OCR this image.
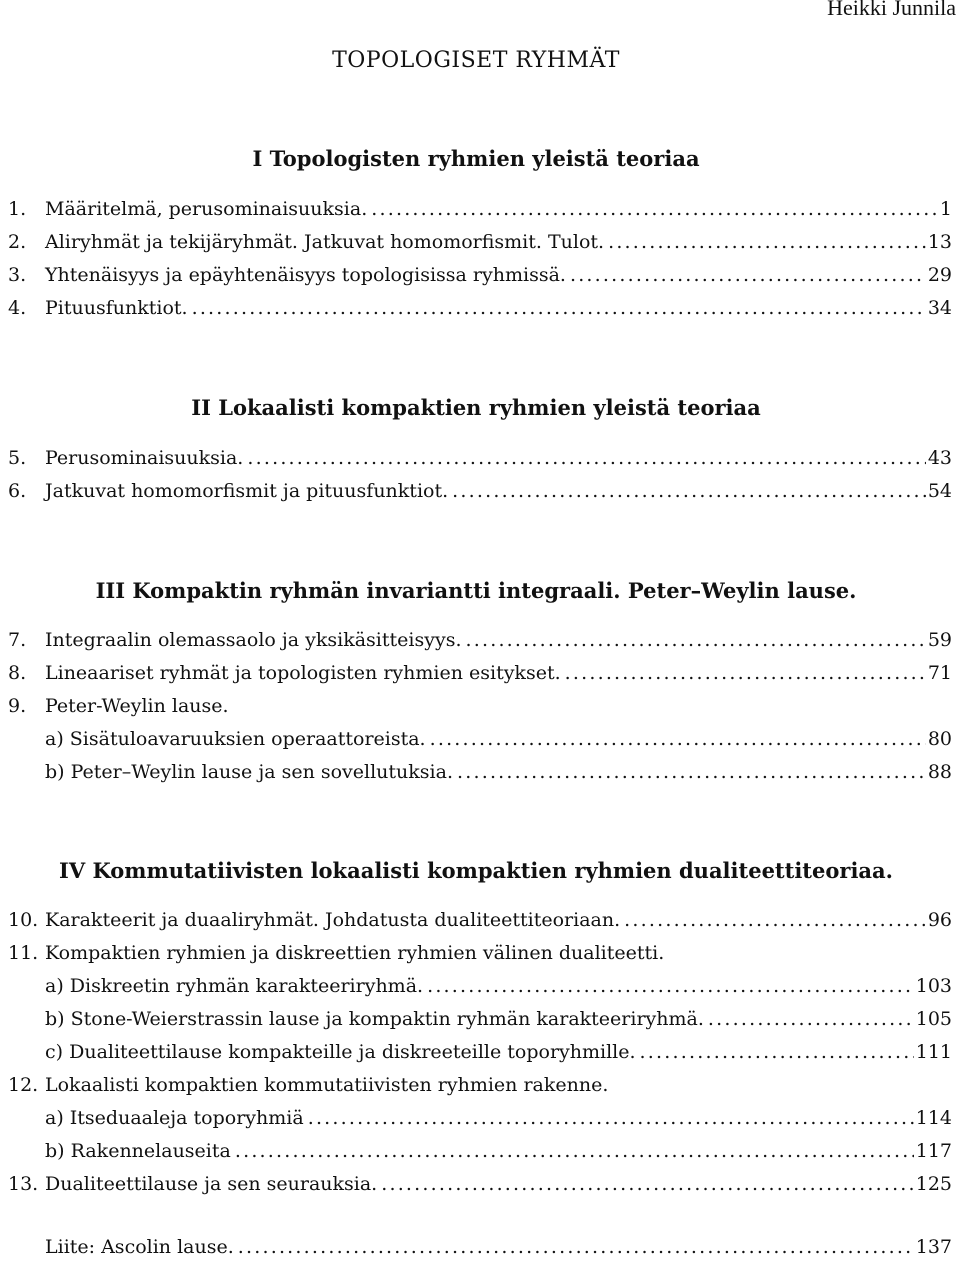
Heikki Junnila
TOPOLOGISET RYHMÄT
I Topologisten ryhmien yleistä teoriaa
1. Määritelmä, perusominaisuuksia. .....	1
2. Aliryhmät ja tekijäryhmät. Jatkuvat homomorfismit. Tulot. .....	13
3. Yhtenäisyys ja epäyhtenäisyys topologisissa ryhmissä. .....	29
4. Pituusfunktiot. .....	34
II Lokaalisti kompaktien ryhmien yleistä teoriaa
5. Perusominaisuuksia. .....	43
6. Jatkuvat homomorfismit ja pituusfunktiot. .....	54
III Kompaktin ryhmän invariantti integraali. Peter–Weylin lause.
7. Integraalin olemassaolo ja yksikäsitteisyys. .....	59
8. Lineaariset ryhmät ja topologisten ryhmien esitykset. .....	71
9. Peter-Weylin lause.
a) Sisätuloavaruuksien operaattoreista. .....	80
b) Peter–Weylin lause ja sen sovellutuksia. .....	88
IV Kommutatiivisten lokaalisti kompaktien ryhmien dualiteettiteoriaa.
10. Karakteerit ja duaaliryhmät. Johdatusta dualiteettiteoriaan. .....	96
11. Kompaktien ryhmien ja diskreettien ryhmien välinen dualiteetti.
a) Diskreetin ryhmän karakteeriryhmä. .....	103
b) Stone-Weierstrassin lause ja kompaktin ryhmän karakteeriryhmä. .....	105
c) Dualiteettilause kompakteille ja diskreeteille toporyhmille. .....	111
12. Lokaalisti kompaktien kommutatiivisten ryhmien rakenne.
a) Itseduaaleja toporyhmiä .....	114
b) Rakennelauseita .....	117
13. Dualiteettilause ja sen seurauksia. .....	125
Liite: Ascolin lause. .....	137
